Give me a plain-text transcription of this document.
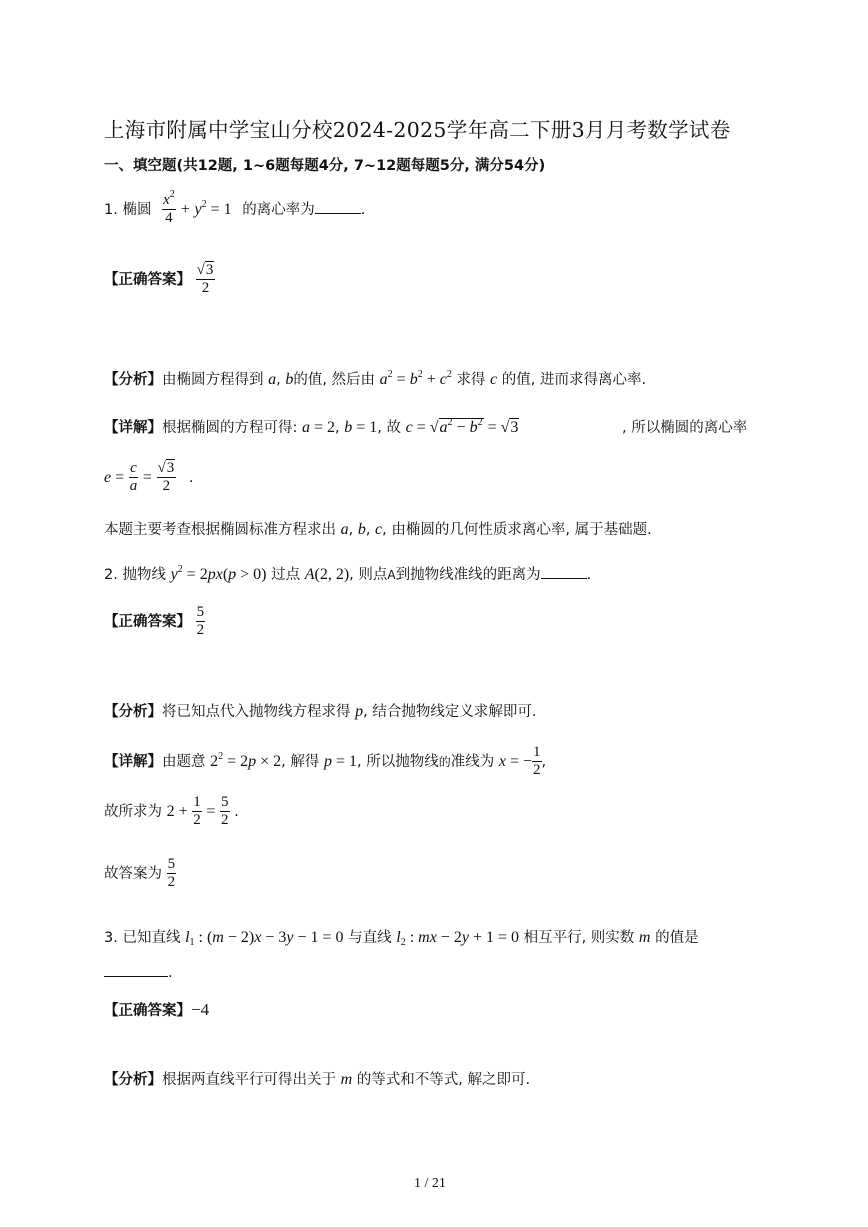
上海市附属中学宝山分校2024-2025学年高二下册3月月考数学试卷
一、填空题(共12题, 1~6题每题4分, 7~12题每题5分, 满分54分)
1. 椭圆 $\frac{x^2}{4} + y^2 = 1$ 的离心率为	.
【正确答案】 $\frac{√3}{2}$
【分析】由椭圆方程得到 a, b的值, 然后由 $a^2 = b^2 + c^2$ 求得 c 的值, 进而求得离心率.
【详解】根据椭圆的方程可得: a = 2, b = 1, 故 $c = √a^2 - b^2 = √3$	, 所以椭圆的离心率
$e = \frac{c}{a} = \frac{√3}{2}$ .
本题主要考查根据椭圆标准方程求出 a, b, c, 由椭圆的几何性质求离心率, 属于基础题.
2. 抛物线 $y^2 = 2px(p > 0)$ 过点 A(2, 2), 则点A到抛物线准线的距离为	.
【正确答案】 $\frac{5}{2}$
【分析】将已知点代入抛物线方程求得 p, 结合抛物线定义求解即可.
【详解】由题意 $2^2 = 2p \times 2$, 解得 p = 1, 所以抛物线的准线为 x = − $\frac{1}{2}$ ,
故所求为 $2 + \frac{1}{2} = \frac{5}{2}$ .
故答案为 $\frac{5}{2}$
3. 已知直线 $l_1$ : (m − 2)x − 3y − 1 = 0 与直线 $l_2$ : mx − 2y + 1 = 0 相互平行, 则实数 m 的值是
.
【正确答案】−4
【分析】根据两直线平行可得出关于 m 的等式和不等式, 解之即可.
1 / 21
